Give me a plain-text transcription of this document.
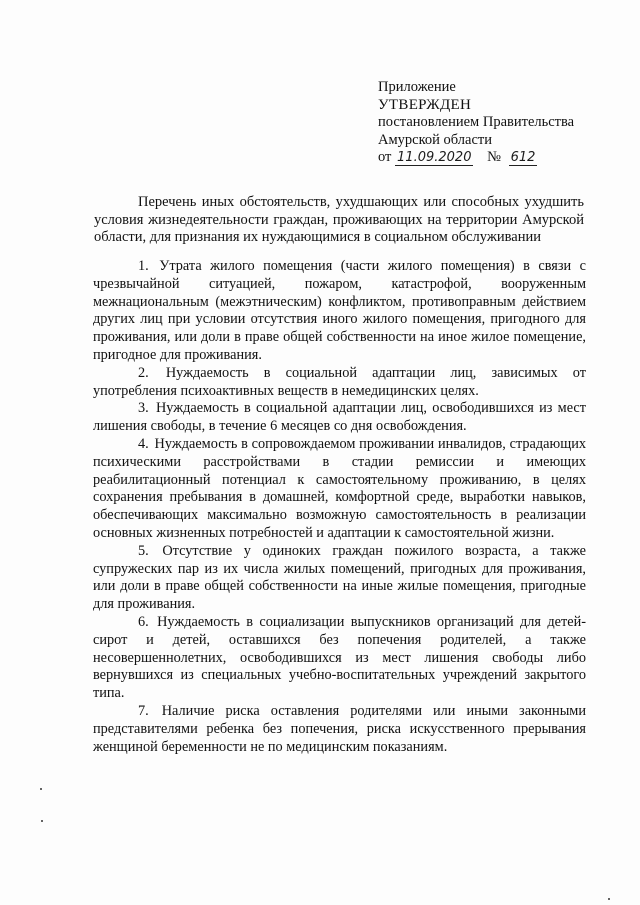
Приложение
УТВЕРЖДЕН
постановлением Правительства
Амурской области
от 11.09.2020 № 612

Перечень иных обстоятельств, ухудшающих или способных ухудшить условия жизнедеятельности граждан, проживающих на территории Амурской области, для признания их нуждающимися в социальном обслуживании

1. Утрата жилого помещения (части жилого помещения) в связи с чрезвычайной ситуацией, пожаром, катастрофой, вооруженным межнациональным (межэтническим) конфликтом, противоправным действием других лиц при условии отсутствия иного жилого помещения, пригодного для проживания, или доли в праве общей собственности на иное жилое помещение, пригодное для проживания.

2. Нуждаемость в социальной адаптации лиц, зависимых от употребления психоактивных веществ в немедицинских целях.

3. Нуждаемость в социальной адаптации лиц, освободившихся из мест лишения свободы, в течение 6 месяцев со дня освобождения.

4. Нуждаемость в сопровождаемом проживании инвалидов, страдающих психическими расстройствами в стадии ремиссии и имеющих реабилитационный потенциал к самостоятельному проживанию, в целях сохранения пребывания в домашней, комфортной среде, выработки навыков, обеспечивающих максимально возможную самостоятельность в реализации основных жизненных потребностей и адаптации к самостоятельной жизни.

5. Отсутствие у одиноких граждан пожилого возраста, а также супружеских пар из их числа жилых помещений, пригодных для проживания, или доли в праве общей собственности на иные жилые помещения, пригодные для проживания.

6. Нуждаемость в социализации выпускников организаций для детей-сирот и детей, оставшихся без попечения родителей, а также несовершеннолетних, освободившихся из мест лишения свободы либо вернувшихся из специальных учебно-воспитательных учреждений закрытого типа.

7. Наличие риска оставления родителями или иными законными представителями ребенка без попечения, риска искусственного прерывания женщиной беременности не по медицинским показаниям.
